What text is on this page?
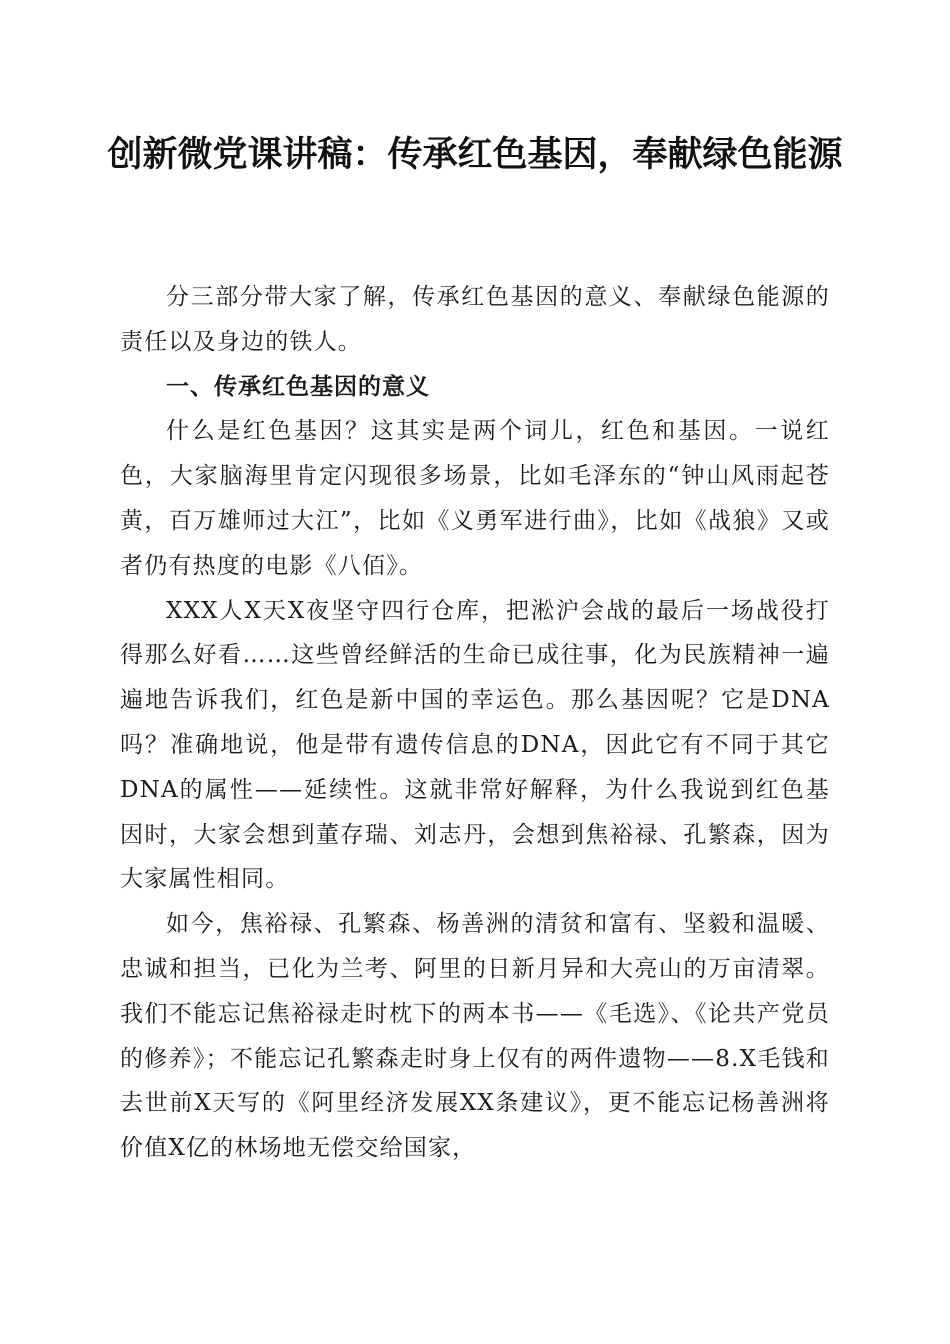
创新微党课讲稿：传承红色基因，奉献绿色能源

分三部分带大家了解，传承红色基因的意义、奉献绿色能源的责任以及身边的铁人。

一、传承红色基因的意义

什么是红色基因？这其实是两个词儿，红色和基因。一说红色，大家脑海里肯定闪现很多场景，比如毛泽东的“钟山风雨起苍黄，百万雄师过大江”，比如《义勇军进行曲》，比如《战狼》又或者仍有热度的电影《八佰》。

XXX人X天X夜坚守四行仓库，把淞沪会战的最后一场战役打得那么好看……这些曾经鲜活的生命已成往事，化为民族精神一遍遍地告诉我们，红色是新中国的幸运色。那么基因呢？它是DNA吗？准确地说，他是带有遗传信息的DNA，因此它有不同于其它DNA的属性——延续性。这就非常好解释，为什么我说到红色基因时，大家会想到董存瑞、刘志丹，会想到焦裕禄、孔繁森，因为大家属性相同。

如今，焦裕禄、孔繁森、杨善洲的清贫和富有、坚毅和温暖、忠诚和担当，已化为兰考、阿里的日新月异和大亮山的万亩清翠。我们不能忘记焦裕禄走时枕下的两本书——《毛选》、《论共产党员的修养》；不能忘记孔繁森走时身上仅有的两件遗物——8.X毛钱和去世前X天写的《阿里经济发展XX条建议》，更不能忘记杨善洲将价值X亿的林场地无偿交给国家，
